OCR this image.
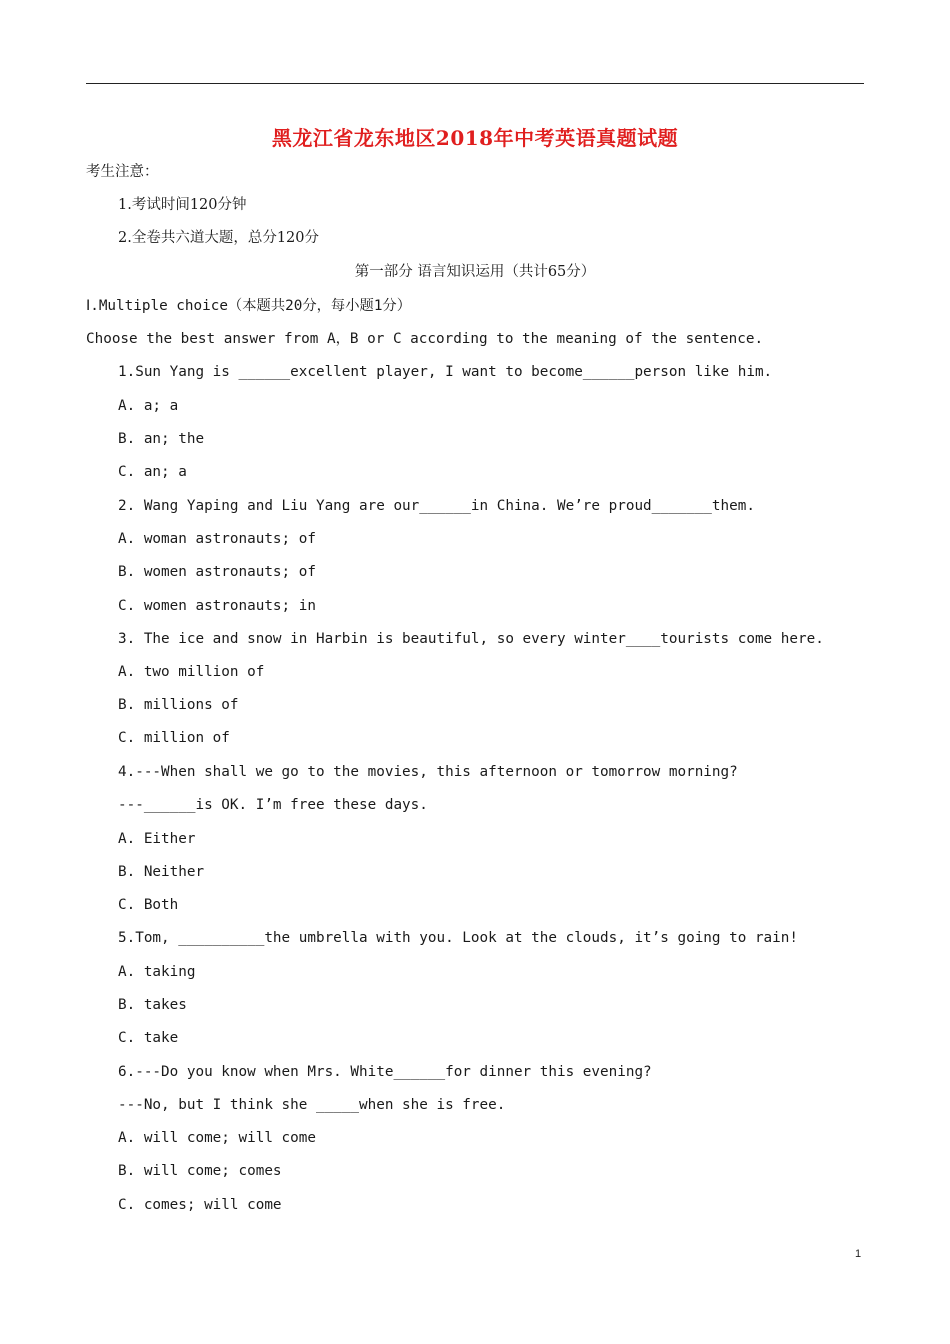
黑龙江省龙东地区2018年中考英语真题试题
考生注意：
1.考试时间120分钟
2.全卷共六道大题，总分120分
第一部分 语言知识运用（共计65分）
Ⅰ.Multiple choice（本题共20分，每小题1分）
Choose the best answer from A，B or C according to the meaning of the sentence.
1.Sun Yang is ______excellent player, I want to become______person like him.
A. a; a
B. an; the
C. an; a
2. Wang Yaping and Liu Yang are our______in China. We’re proud_______them.
A. woman astronauts; of
B. women astronauts; of
C. women astronauts; in
3. The ice and snow in Harbin is beautiful, so every winter____tourists come here.
A. two million of
B. millions of
C. million of
4.---When shall we go to the movies, this afternoon or tomorrow morning?
---______is OK. I’m free these days.
A. Either
B. Neither
C. Both
5.Tom, __________the umbrella with you. Look at the clouds, it’s going to rain!
A. taking
B. takes
C. take
6.---Do you know when Mrs. White______for dinner this evening?
---No, but I think she _____when she is free.
A. will come; will come
B. will come; comes
C. comes; will come
1
